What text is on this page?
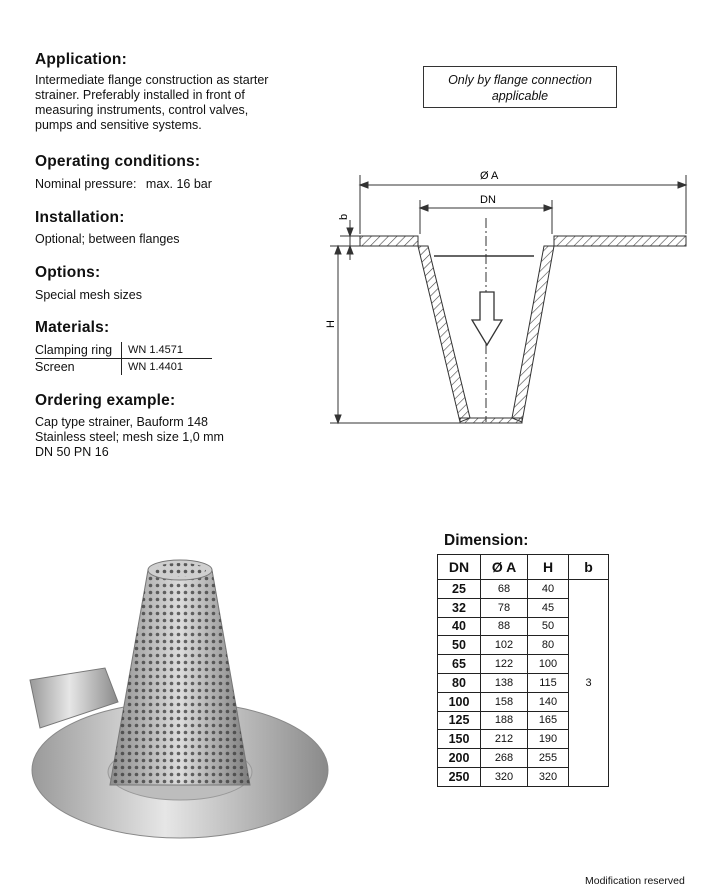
Application:
Intermediate flange construction as starter
strainer. Preferably installed in front of
measuring instruments, control valves,
pumps and sensitive systems.
Operating conditions:
Nominal pressure: max. 16 bar
Installation:
Optional; between flanges
Options:
Special mesh sizes
Materials:
Clamping ring	WN 1.4571
Screen	WN 1.4401
Ordering example:
Cap type strainer, Bauform 148
Stainless steel; mesh size 1,0 mm
DN 50 PN 16
Only by flange connection
applicable
Ø A
DN
b
H
Dimension:
DN	Ø A	H	b
25	68	40	3
32	78	45	
40	88	50	
50	102	80	
65	122	100	
80	138	115	
100	158	140	
125	188	165	
150	212	190	
200	268	255	
250	320	320	
Modification reserved
